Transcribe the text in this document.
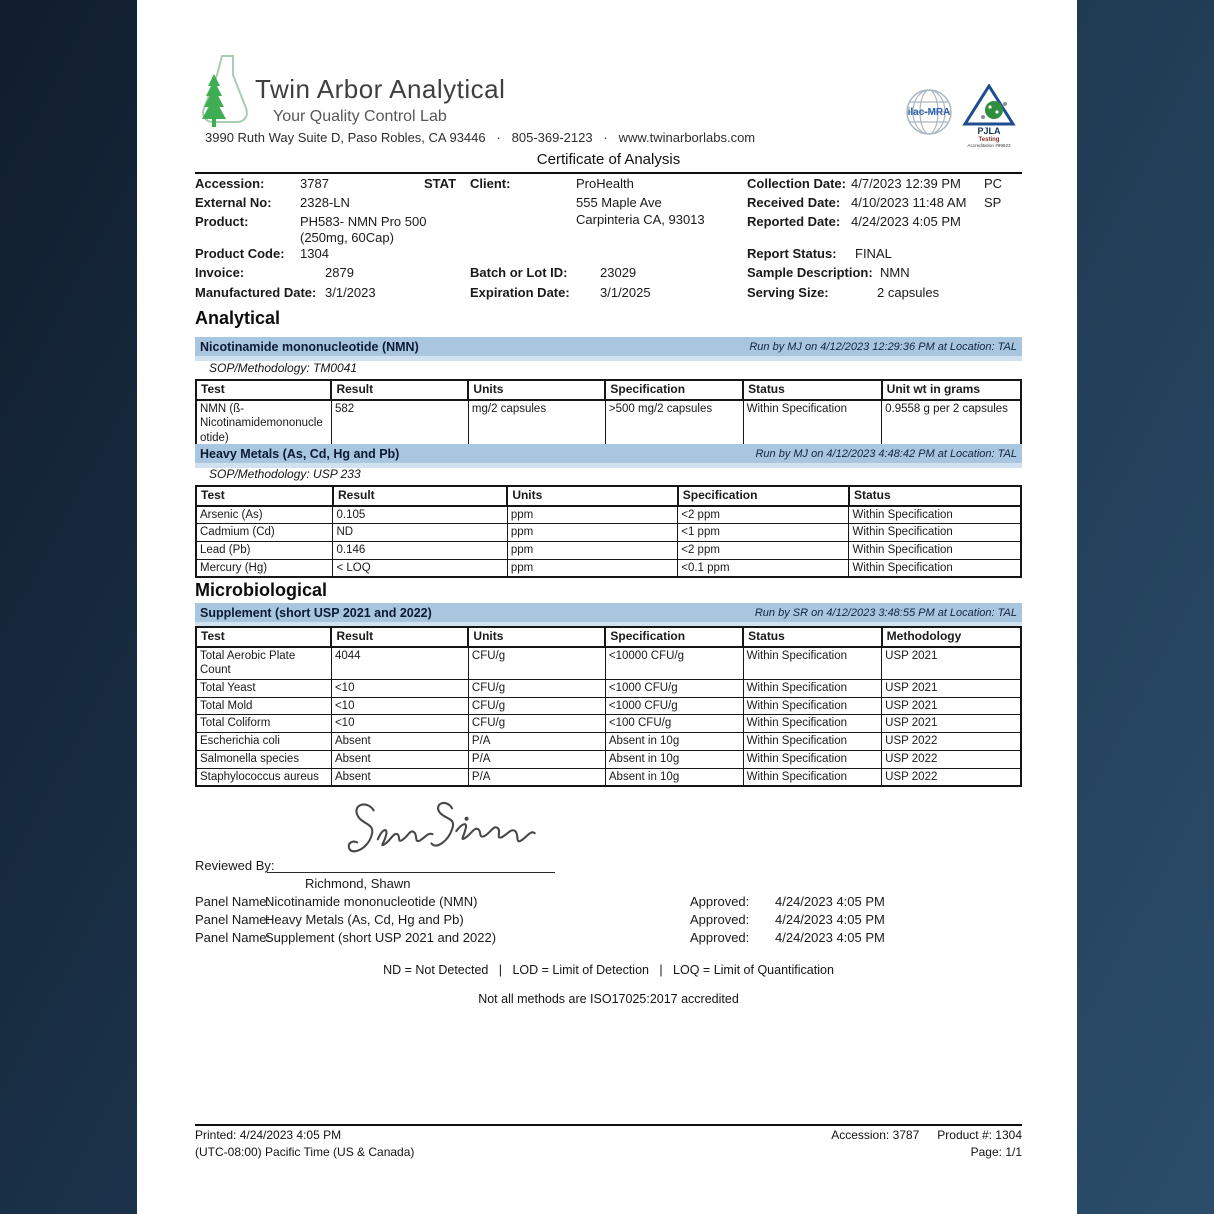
Twin Arbor Analytical
Your Quality Control Lab
3990 Ruth Way Suite D, Paso Robles, CA 93446   ·   805-369-2123   ·   www.twinarborlabs.com
ilac-MRA
PJLA
Testing
Accreditation #99923
Certificate of Analysis
Accession:	3787	STAT Client:	ProHealth	Collection Date: 4/7/2023 12:39 PM PC
External No: 2328-LN	555 Maple Ave	Received Date: 4/10/2023 11:48 AM SP
Product:	PH583- NMN Pro 500 (250mg, 60Cap)
Carpinteria CA, 93013	Reported Date: 4/24/2023 4:05 PM
Product Code: 1304	Report Status: FINAL
Invoice:	2879	Batch or Lot ID:	23029	Sample Description: NMN
Manufactured Date: 3/1/2023	Expiration Date: 3/1/2025	Serving Size:	2 capsules
Analytical
Nicotinamide mononucleotide (NMN)	Run by MJ on 4/12/2023 12:29:36 PM at Location: TAL
SOP/Methodology: TM0041
Test	Result	Units	Specification	Status	Unit wt in grams
NMN (ß-Nicotinamidemononucleotide)	582	mg/2 capsules	>500 mg/2 capsules	Within Specification	0.9558 g per 2 capsules
Heavy Metals (As, Cd, Hg and Pb)	Run by MJ on 4/12/2023 4:48:42 PM at Location: TAL
SOP/Methodology: USP 233
Test	Result	Units	Specification	Status
Arsenic (As)	0.105	ppm	<2 ppm	Within Specification
Cadmium (Cd)	ND	ppm	<1 ppm	Within Specification
Lead (Pb)	0.146	ppm	<2 ppm	Within Specification
Mercury (Hg)	< LOQ	ppm	<0.1 ppm	Within Specification
Microbiological
Supplement (short USP 2021 and 2022)	Run by SR on 4/12/2023 3:48:55 PM at Location: TAL
Test	Result	Units	Specification	Status	Methodology
Total Aerobic Plate Count	4044	CFU/g	<10000 CFU/g	Within Specification	USP 2021
Total Yeast	<10	CFU/g	<1000 CFU/g	Within Specification	USP 2021
Total Mold	<10	CFU/g	<1000 CFU/g	Within Specification	USP 2021
Total Coliform	<10	CFU/g	<100 CFU/g	Within Specification	USP 2021
Escherichia coli	Absent	P/A	Absent in 10g	Within Specification	USP 2022
Salmonella species	Absent	P/A	Absent in 10g	Within Specification	USP 2022
Staphylococcus aureus	Absent	P/A	Absent in 10g	Within Specification	USP 2022
Reviewed By:
Richmond, Shawn
Panel Name:
Nicotinamide mononucleotide (NMN)	Approved: 4/24/2023 4:05 PM
Panel Name:
Heavy Metals (As, Cd, Hg and Pb)	Approved: 4/24/2023 4:05 PM
Panel Name:
Supplement (short USP 2021 and 2022)	Approved: 4/24/2023 4:05 PM
ND = Not Detected   |   LOD = Limit of Detection   |   LOQ = Limit of Quantification
Not all methods are ISO17025:2017 accredited
Printed: 4/24/2023 4:05 PM
(UTC-08:00) Pacific Time (US & Canada)
Accession: 3787 Product #: 1304
Page: 1/1
